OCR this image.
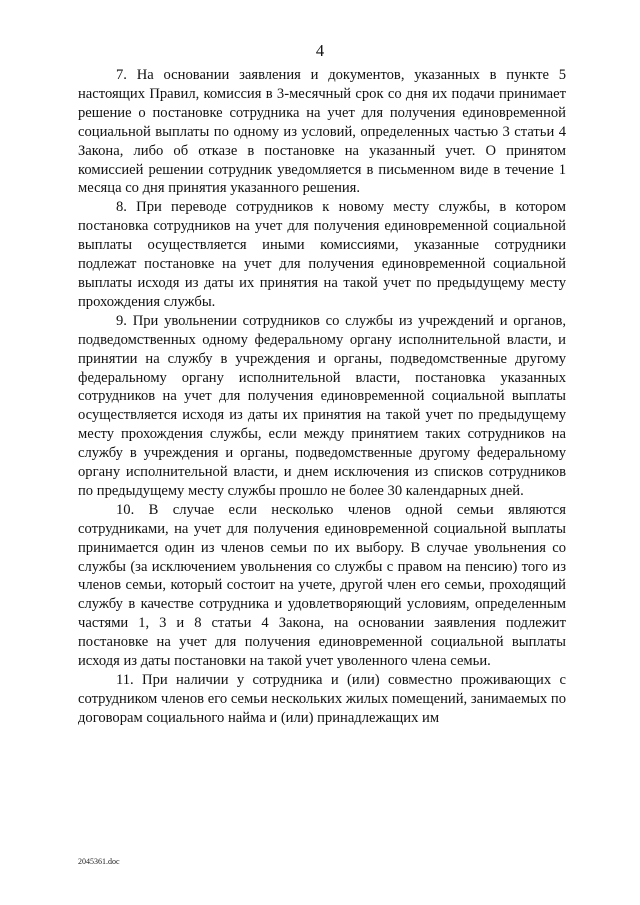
4

7. На основании заявления и документов, указанных в пункте 5 настоящих Правил, комиссия в 3-месячный срок со дня их подачи принимает решение о постановке сотрудника на учет для получения единовременной социальной выплаты по одному из условий, определенных частью 3 статьи 4 Закона, либо об отказе в постановке на указанный учет. О принятом комиссией решении сотрудник уведомляется в письменном виде в течение 1 месяца со дня принятия указанного решения.

8. При переводе сотрудников к новому месту службы, в котором постановка сотрудников на учет для получения единовременной социальной выплаты осуществляется иными комиссиями, указанные сотрудники подлежат постановке на учет для получения единовременной социальной выплаты исходя из даты их принятия на такой учет по предыдущему месту прохождения службы.

9. При увольнении сотрудников со службы из учреждений и органов, подведомственных одному федеральному органу исполнительной власти, и принятии на службу в учреждения и органы, подведомственные другому федеральному органу исполнительной власти, постановка указанных сотрудников на учет для получения единовременной социальной выплаты осуществляется исходя из даты их принятия на такой учет по предыдущему месту прохождения службы, если между принятием таких сотрудников на службу в учреждения и органы, подведомственные другому федеральному органу исполнительной власти, и днем исключения из списков сотрудников по предыдущему месту службы прошло не более 30 календарных дней.

10. В случае если несколько членов одной семьи являются сотрудниками, на учет для получения единовременной социальной выплаты принимается один из членов семьи по их выбору. В случае увольнения со службы (за исключением увольнения со службы с правом на пенсию) того из членов семьи, который состоит на учете, другой член его семьи, проходящий службу в качестве сотрудника и удовлетворяющий условиям, определенным частями 1, 3 и 8 статьи 4 Закона, на основании заявления подлежит постановке на учет для получения единовременной социальной выплаты исходя из даты постановки на такой учет уволенного члена семьи.

11. При наличии у сотрудника и (или) совместно проживающих с сотрудником членов его семьи нескольких жилых помещений, занимаемых по договорам социального найма и (или) принадлежащих им

2045361.doc
